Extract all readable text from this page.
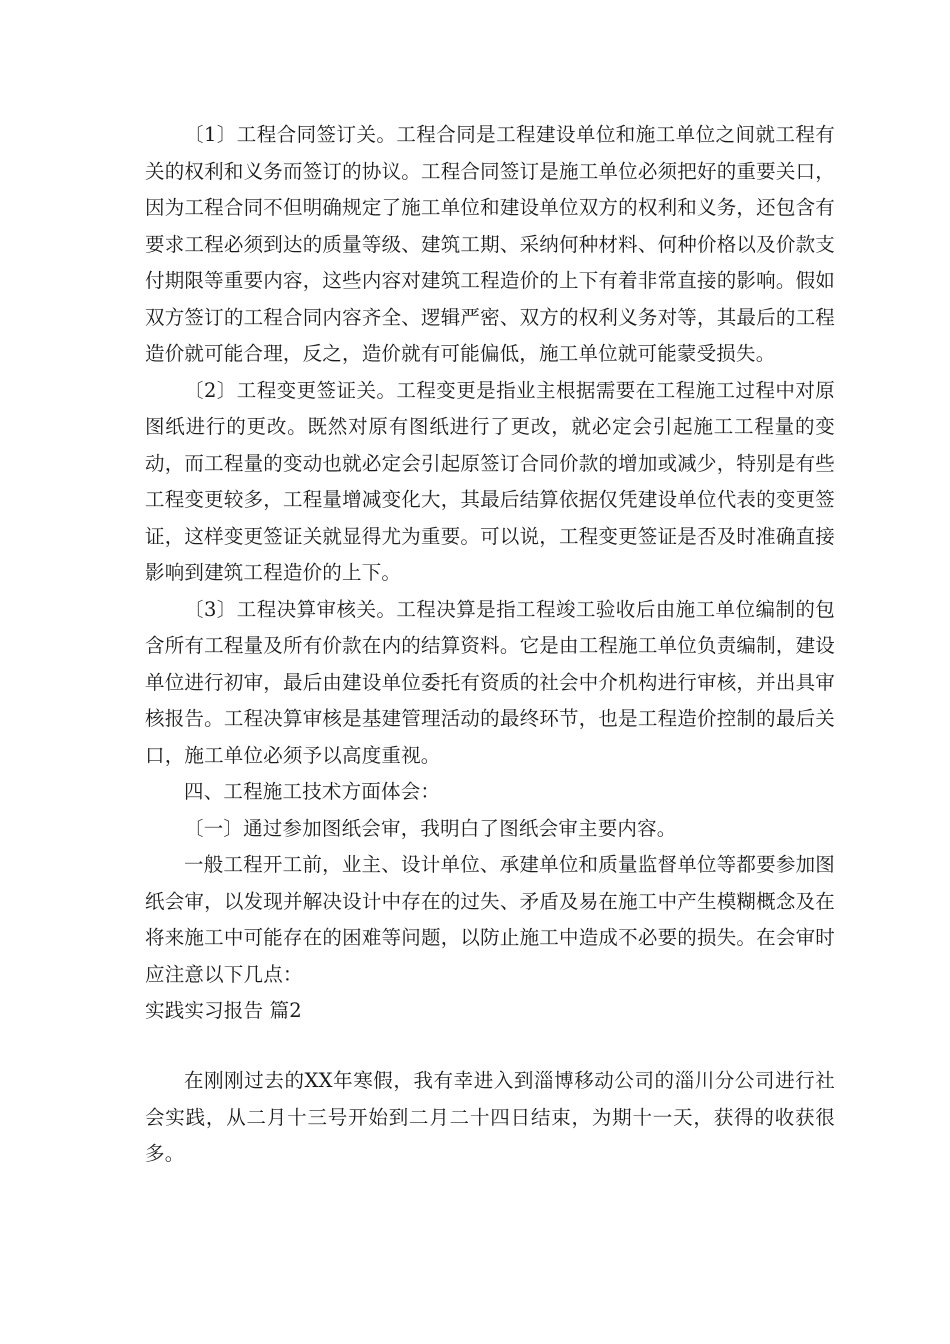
〔1〕工程合同签订关。工程合同是工程建设单位和施工单位之间就工程有关的权利和义务而签订的协议。工程合同签订是施工单位必须把好的重要关口，因为工程合同不但明确规定了施工单位和建设单位双方的权利和义务，还包含有要求工程必须到达的质量等级、建筑工期、采纳何种材料、何种价格以及价款支付期限等重要内容，这些内容对建筑工程造价的上下有着非常直接的影响。假如双方签订的工程合同内容齐全、逻辑严密、双方的权利义务对等，其最后的工程造价就可能合理，反之，造价就有可能偏低，施工单位就可能蒙受损失。

〔2〕工程变更签证关。工程变更是指业主根据需要在工程施工过程中对原图纸进行的更改。既然对原有图纸进行了更改，就必定会引起施工工程量的变动，而工程量的变动也就必定会引起原签订合同价款的增加或减少，特别是有些工程变更较多，工程量增减变化大，其最后结算依据仅凭建设单位代表的变更签证，这样变更签证关就显得尤为重要。可以说，工程变更签证是否及时准确直接影响到建筑工程造价的上下。

〔3〕工程决算审核关。工程决算是指工程竣工验收后由施工单位编制的包含所有工程量及所有价款在内的结算资料。它是由工程施工单位负责编制，建设单位进行初审，最后由建设单位委托有资质的社会中介机构进行审核，并出具审核报告。工程决算审核是基建管理活动的最终环节，也是工程造价控制的最后关口，施工单位必须予以高度重视。

四、工程施工技术方面体会：

〔一〕通过参加图纸会审，我明白了图纸会审主要内容。

一般工程开工前，业主、设计单位、承建单位和质量监督单位等都要参加图纸会审，以发现并解决设计中存在的过失、矛盾及易在施工中产生模糊概念及在将来施工中可能存在的困难等问题，以防止施工中造成不必要的损失。在会审时应注意以下几点：

实践实习报告 篇2

在刚刚过去的XX年寒假，我有幸进入到淄博移动公司的淄川分公司进行社会实践，从二月十三号开始到二月二十四日结束，为期十一天，获得的收获很多。
